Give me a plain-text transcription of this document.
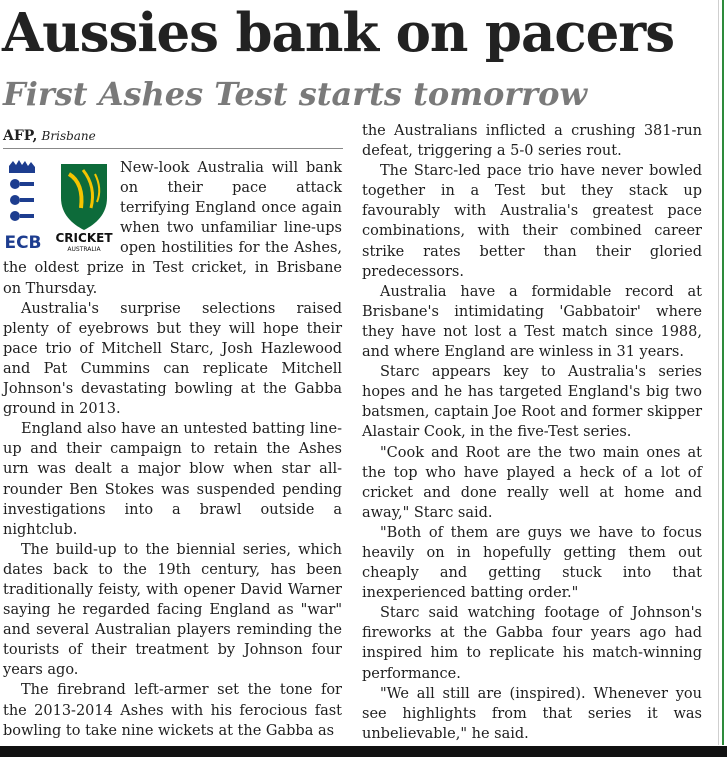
Aussies bank on pacers
First Ashes Test starts tomorrow
AFP, Brisbane
ECB CRICKET
AUSTRALIA

New-look Australia will bank on their pace attack terrifying England once again when two unfamiliar line-ups open hostilities for the Ashes, the oldest prize in Test cricket, in Brisbane on Thursday.

Australia's surprise selections raised plenty of eyebrows but they will hope their pace trio of Mitchell Starc, Josh Hazlewood and Pat Cummins can replicate Mitchell Johnson's devastating bowling at the Gabba ground in 2013.

England also have an untested batting line-up and their campaign to retain the Ashes urn was dealt a major blow when star all-rounder Ben Stokes was suspended pending investigations into a brawl outside a nightclub.

The build-up to the biennial series, which dates back to the 19th century, has been traditionally feisty, with opener David Warner saying he regarded facing England as "war" and several Australian players reminding the tourists of their treatment by Johnson four years ago.

The firebrand left-armer set the tone for the 2013-2014 Ashes with his ferocious fast bowling to take nine wickets at the Gabba as

the Australians inflicted a crushing 381-run defeat, triggering a 5-0 series rout.

The Starc-led pace trio have never bowled together in a Test but they stack up favourably with Australia's greatest pace combinations, with their combined career strike rates better than their gloried predecessors.

Australia have a formidable record at Brisbane's intimidating 'Gabbatoir' where they have not lost a Test match since 1988, and where England are winless in 31 years.

Starc appears key to Australia's series hopes and he has targeted England's big two batsmen, captain Joe Root and former skipper Alastair Cook, in the five-Test series.

"Cook and Root are the two main ones at the top who have played a heck of a lot of cricket and done really well at home and away," Starc said.

"Both of them are guys we have to focus heavily on in hopefully getting them out cheaply and getting stuck into that inexperienced batting order."

Starc said watching footage of Johnson's fireworks at the Gabba four years ago had inspired him to replicate his match-winning performance.

"We all still are (inspired). Whenever you see highlights from that series it was unbelievable," he said.
